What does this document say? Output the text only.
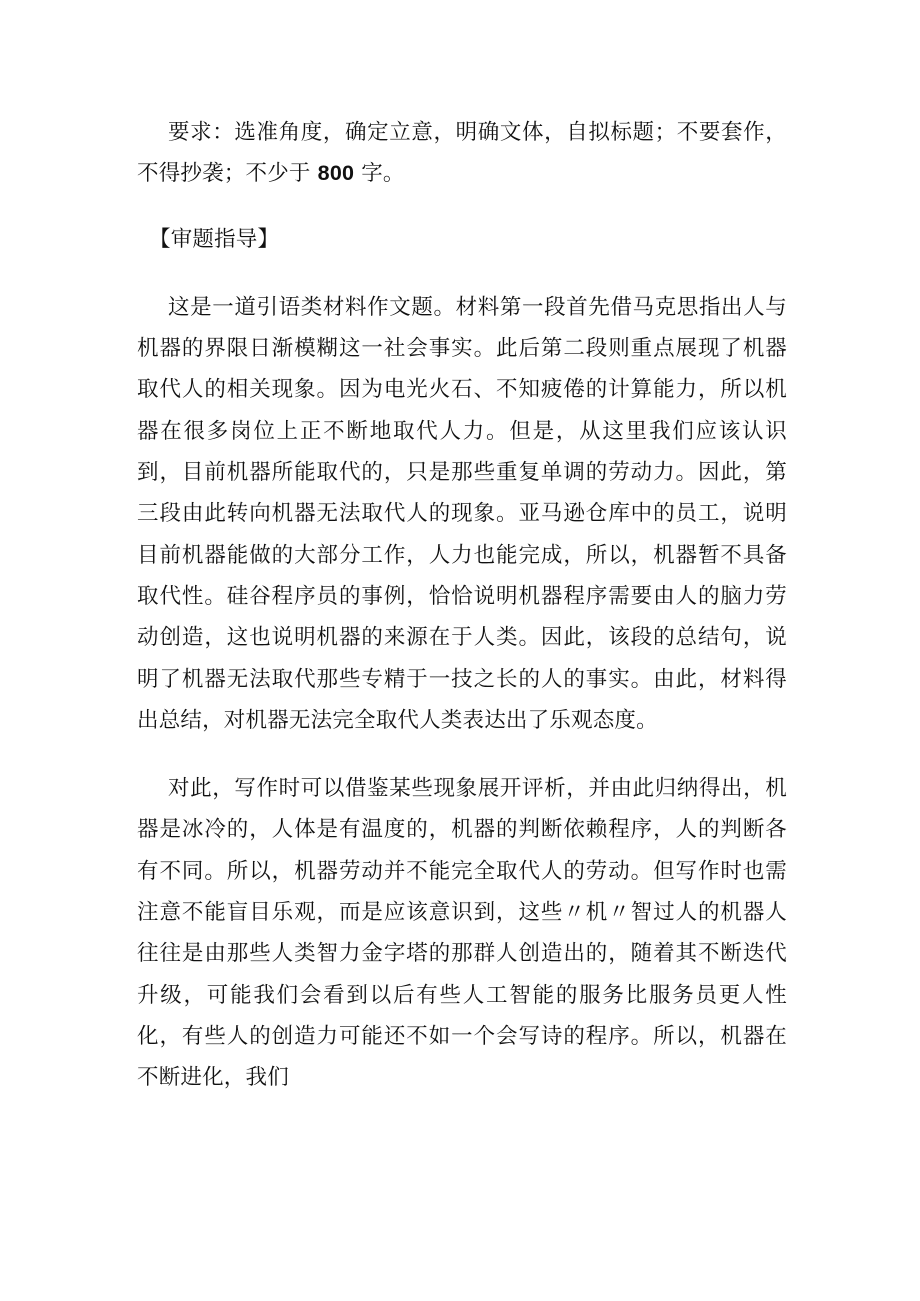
要求：选准角度，确定立意，明确文体，自拟标题；不要套作，不得抄袭；不少于 800 字。

【审题指导】

这是一道引语类材料作文题。材料第一段首先借马克思指出人与机器的界限日渐模糊这一社会事实。此后第二段则重点展现了机器取代人的相关现象。因为电光火石、不知疲倦的计算能力，所以机器在很多岗位上正不断地取代人力。但是，从这里我们应该认识到，目前机器所能取代的，只是那些重复单调的劳动力。因此，第三段由此转向机器无法取代人的现象。亚马逊仓库中的员工，说明目前机器能做的大部分工作，人力也能完成，所以，机器暂不具备取代性。硅谷程序员的事例，恰恰说明机器程序需要由人的脑力劳动创造，这也说明机器的来源在于人类。因此，该段的总结句，说明了机器无法取代那些专精于一技之长的人的事实。由此，材料得出总结，对机器无法完全取代人类表达出了乐观态度。

对此，写作时可以借鉴某些现象展开评析，并由此归纳得出，机器是冰冷的，人体是有温度的，机器的判断依赖程序，人的判断各有不同。所以，机器劳动并不能完全取代人的劳动。但写作时也需注意不能盲目乐观，而是应该意识到，这些〃机〃智过人的机器人往往是由那些人类智力金字塔的那群人创造出的，随着其不断迭代升级，可能我们会看到以后有些人工智能的服务比服务员更人性化，有些人的创造力可能还不如一个会写诗的程序。所以，机器在不断进化，我们
